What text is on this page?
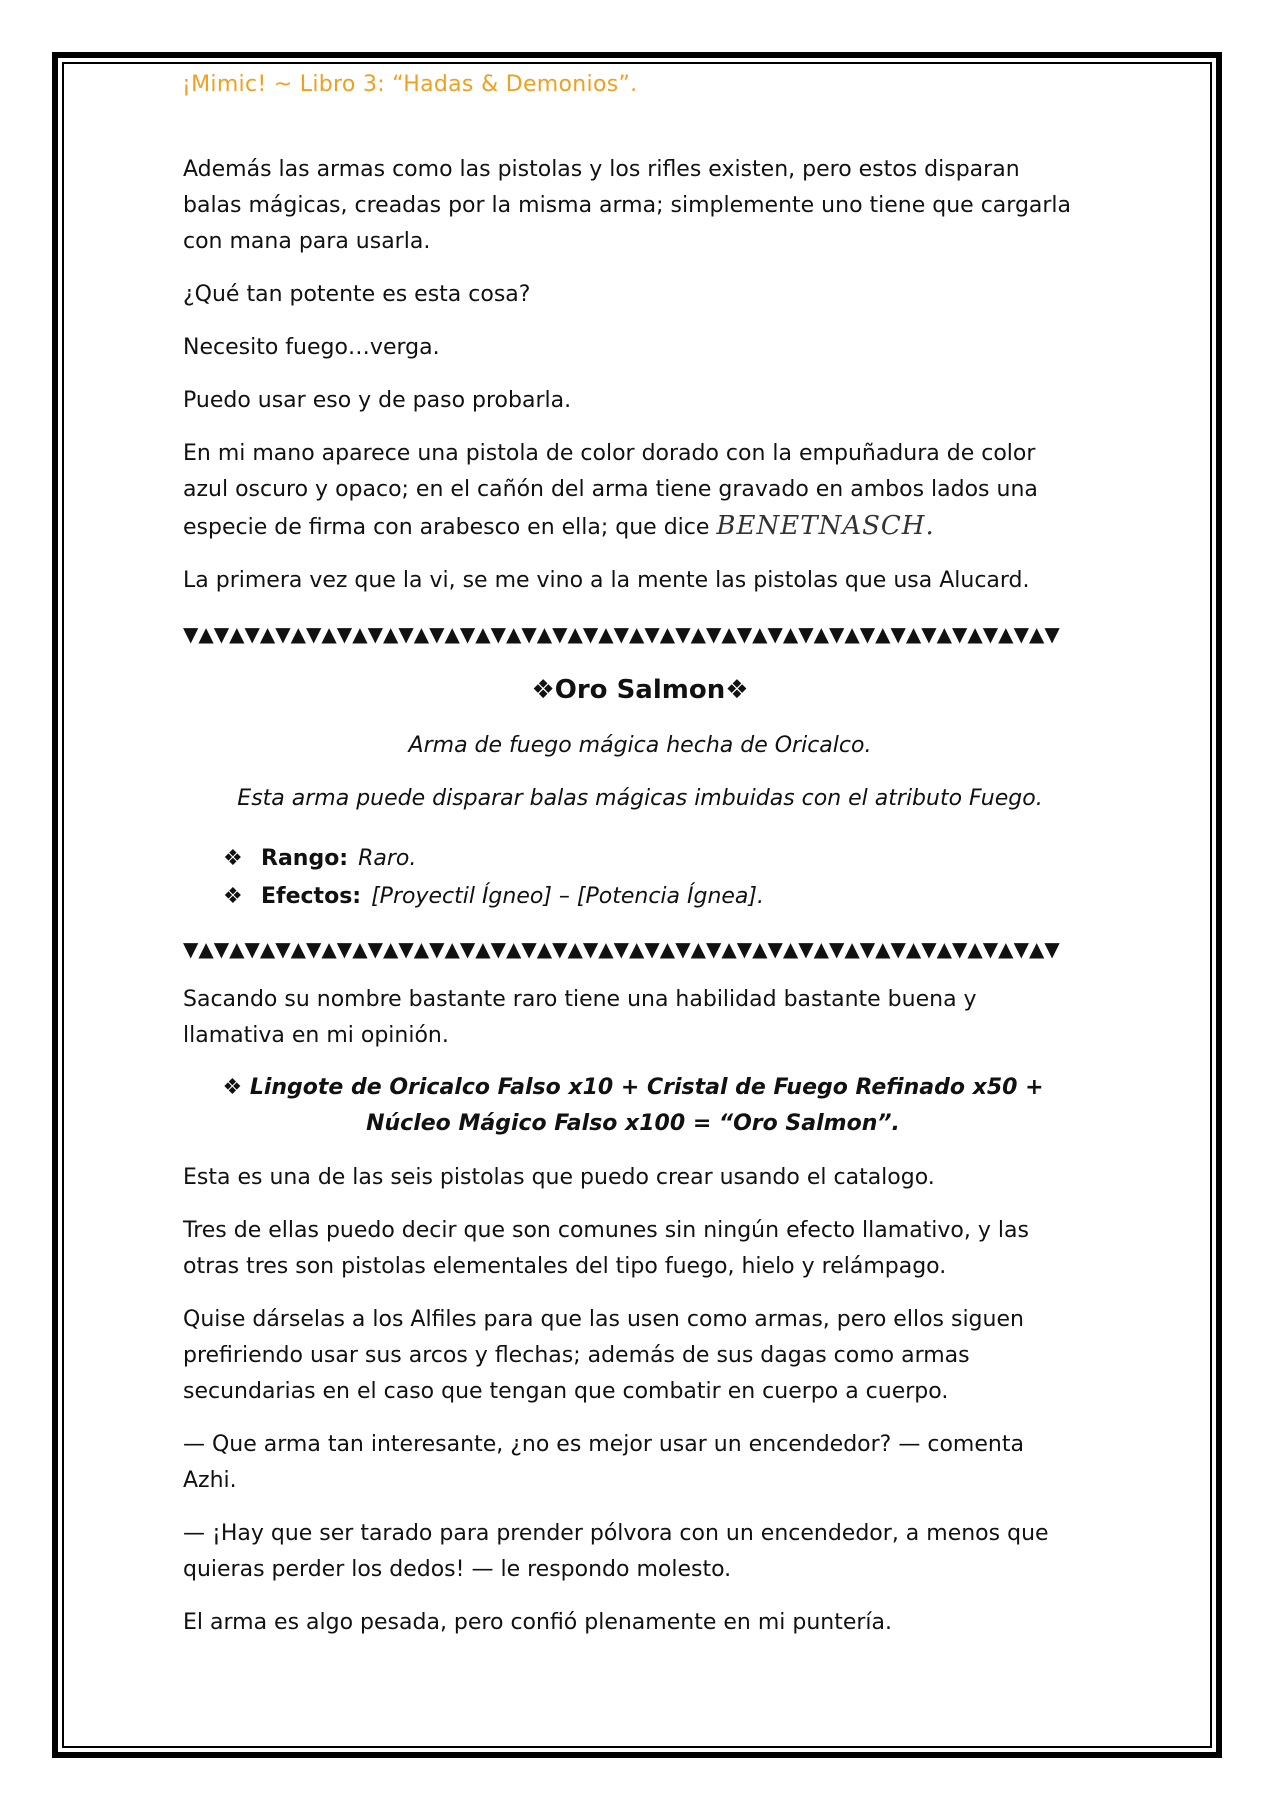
¡Mimic! ~ Libro 3: “Hadas & Demonios”.

Además las armas como las pistolas y los rifles existen, pero estos disparan balas mágicas, creadas por la misma arma; simplemente uno tiene que cargarla con mana para usarla.

¿Qué tan potente es esta cosa?

Necesito fuego…verga.

Puedo usar eso y de paso probarla.

En mi mano aparece una pistola de color dorado con la empuñadura de color azul oscuro y opaco; en el cañón del arma tiene gravado en ambos lados una especie de firma con arabesco en ella; que dice BENETNASCH.

La primera vez que la vi, se me vino a la mente las pistolas que usa Alucard.

▼▲▼▲▼▲▼▲▼▲▼▲▼▲▼▲▼▲▼▲▼▲▼▲▼▲▼▲▼▲▼▲▼▲▼▲▼▲▼▲▼▲▼▲▼▲▼▲▼▲▼▲▼▲▼▲▼
❖Oro Salmon❖
Arma de fuego mágica hecha de Oricalco.
Esta arma puede disparar balas mágicas imbuidas con el atributo Fuego.
❖ Rango: Raro.
❖ Efectos: [Proyectil Ígneo] – [Potencia Ígnea].
▼▲▼▲▼▲▼▲▼▲▼▲▼▲▼▲▼▲▼▲▼▲▼▲▼▲▼▲▼▲▼▲▼▲▼▲▼▲▼▲▼▲▼▲▼▲▼▲▼▲▼▲▼▲▼▲▼
Sacando su nombre bastante raro tiene una habilidad bastante buena y llamativa en mi opinión.
❖ Lingote de Oricalco Falso x10 + Cristal de Fuego Refinado x50 +
Núcleo Mágico Falso x100 = “Oro Salmon”.

Esta es una de las seis pistolas que puedo crear usando el catalogo.

Tres de ellas puedo decir que son comunes sin ningún efecto llamativo, y las otras tres son pistolas elementales del tipo fuego, hielo y relámpago.

Quise dárselas a los Alfiles para que las usen como armas, pero ellos siguen prefiriendo usar sus arcos y flechas; además de sus dagas como armas secundarias en el caso que tengan que combatir en cuerpo a cuerpo.

— Que arma tan interesante, ¿no es mejor usar un encendedor? — comenta Azhi.

— ¡Hay que ser tarado para prender pólvora con un encendedor, a menos que quieras perder los dedos! — le respondo molesto.

El arma es algo pesada, pero confió plenamente en mi puntería.
